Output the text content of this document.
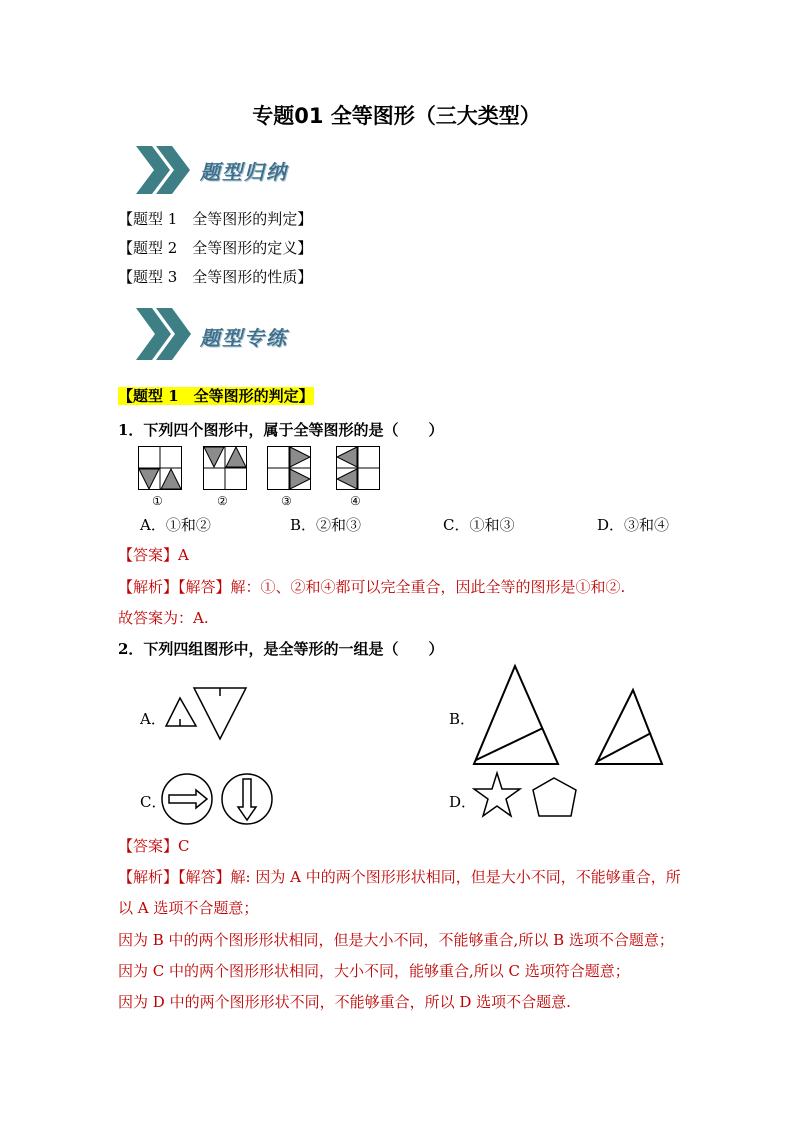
专题01 全等图形（三大类型）
题型归纳
【题型 1　全等图形的判定】
【题型 2　全等图形的定义】
【题型 3　全等图形的性质】
题型专练
【题型 1　全等图形的判定】
1．下列四个图形中，属于全等图形的是（　　）
①	②	③	④
A．①和②	B．②和③	C．①和③	D．③和④
【答案】A
【解析】【解答】解：①、②和④都可以完全重合，因此全等的图形是①和②.
故答案为：A.
2．下列四组图形中，是全等形的一组是（　　）
A．	B．
C．	D．
【答案】C
【解析】【解答】解: 因为 A 中的两个图形形状相同，但是大小不同，不能够重合，所
以 A 选项不合题意；
因为 B 中的两个图形形状相同，但是大小不同，不能够重合,所以 B 选项不合题意；
因为 C 中的两个图形形状相同，大小不同，能够重合,所以 C 选项符合题意；
因为 D 中的两个图形形状不同，不能够重合，所以 D 选项不合题意.
